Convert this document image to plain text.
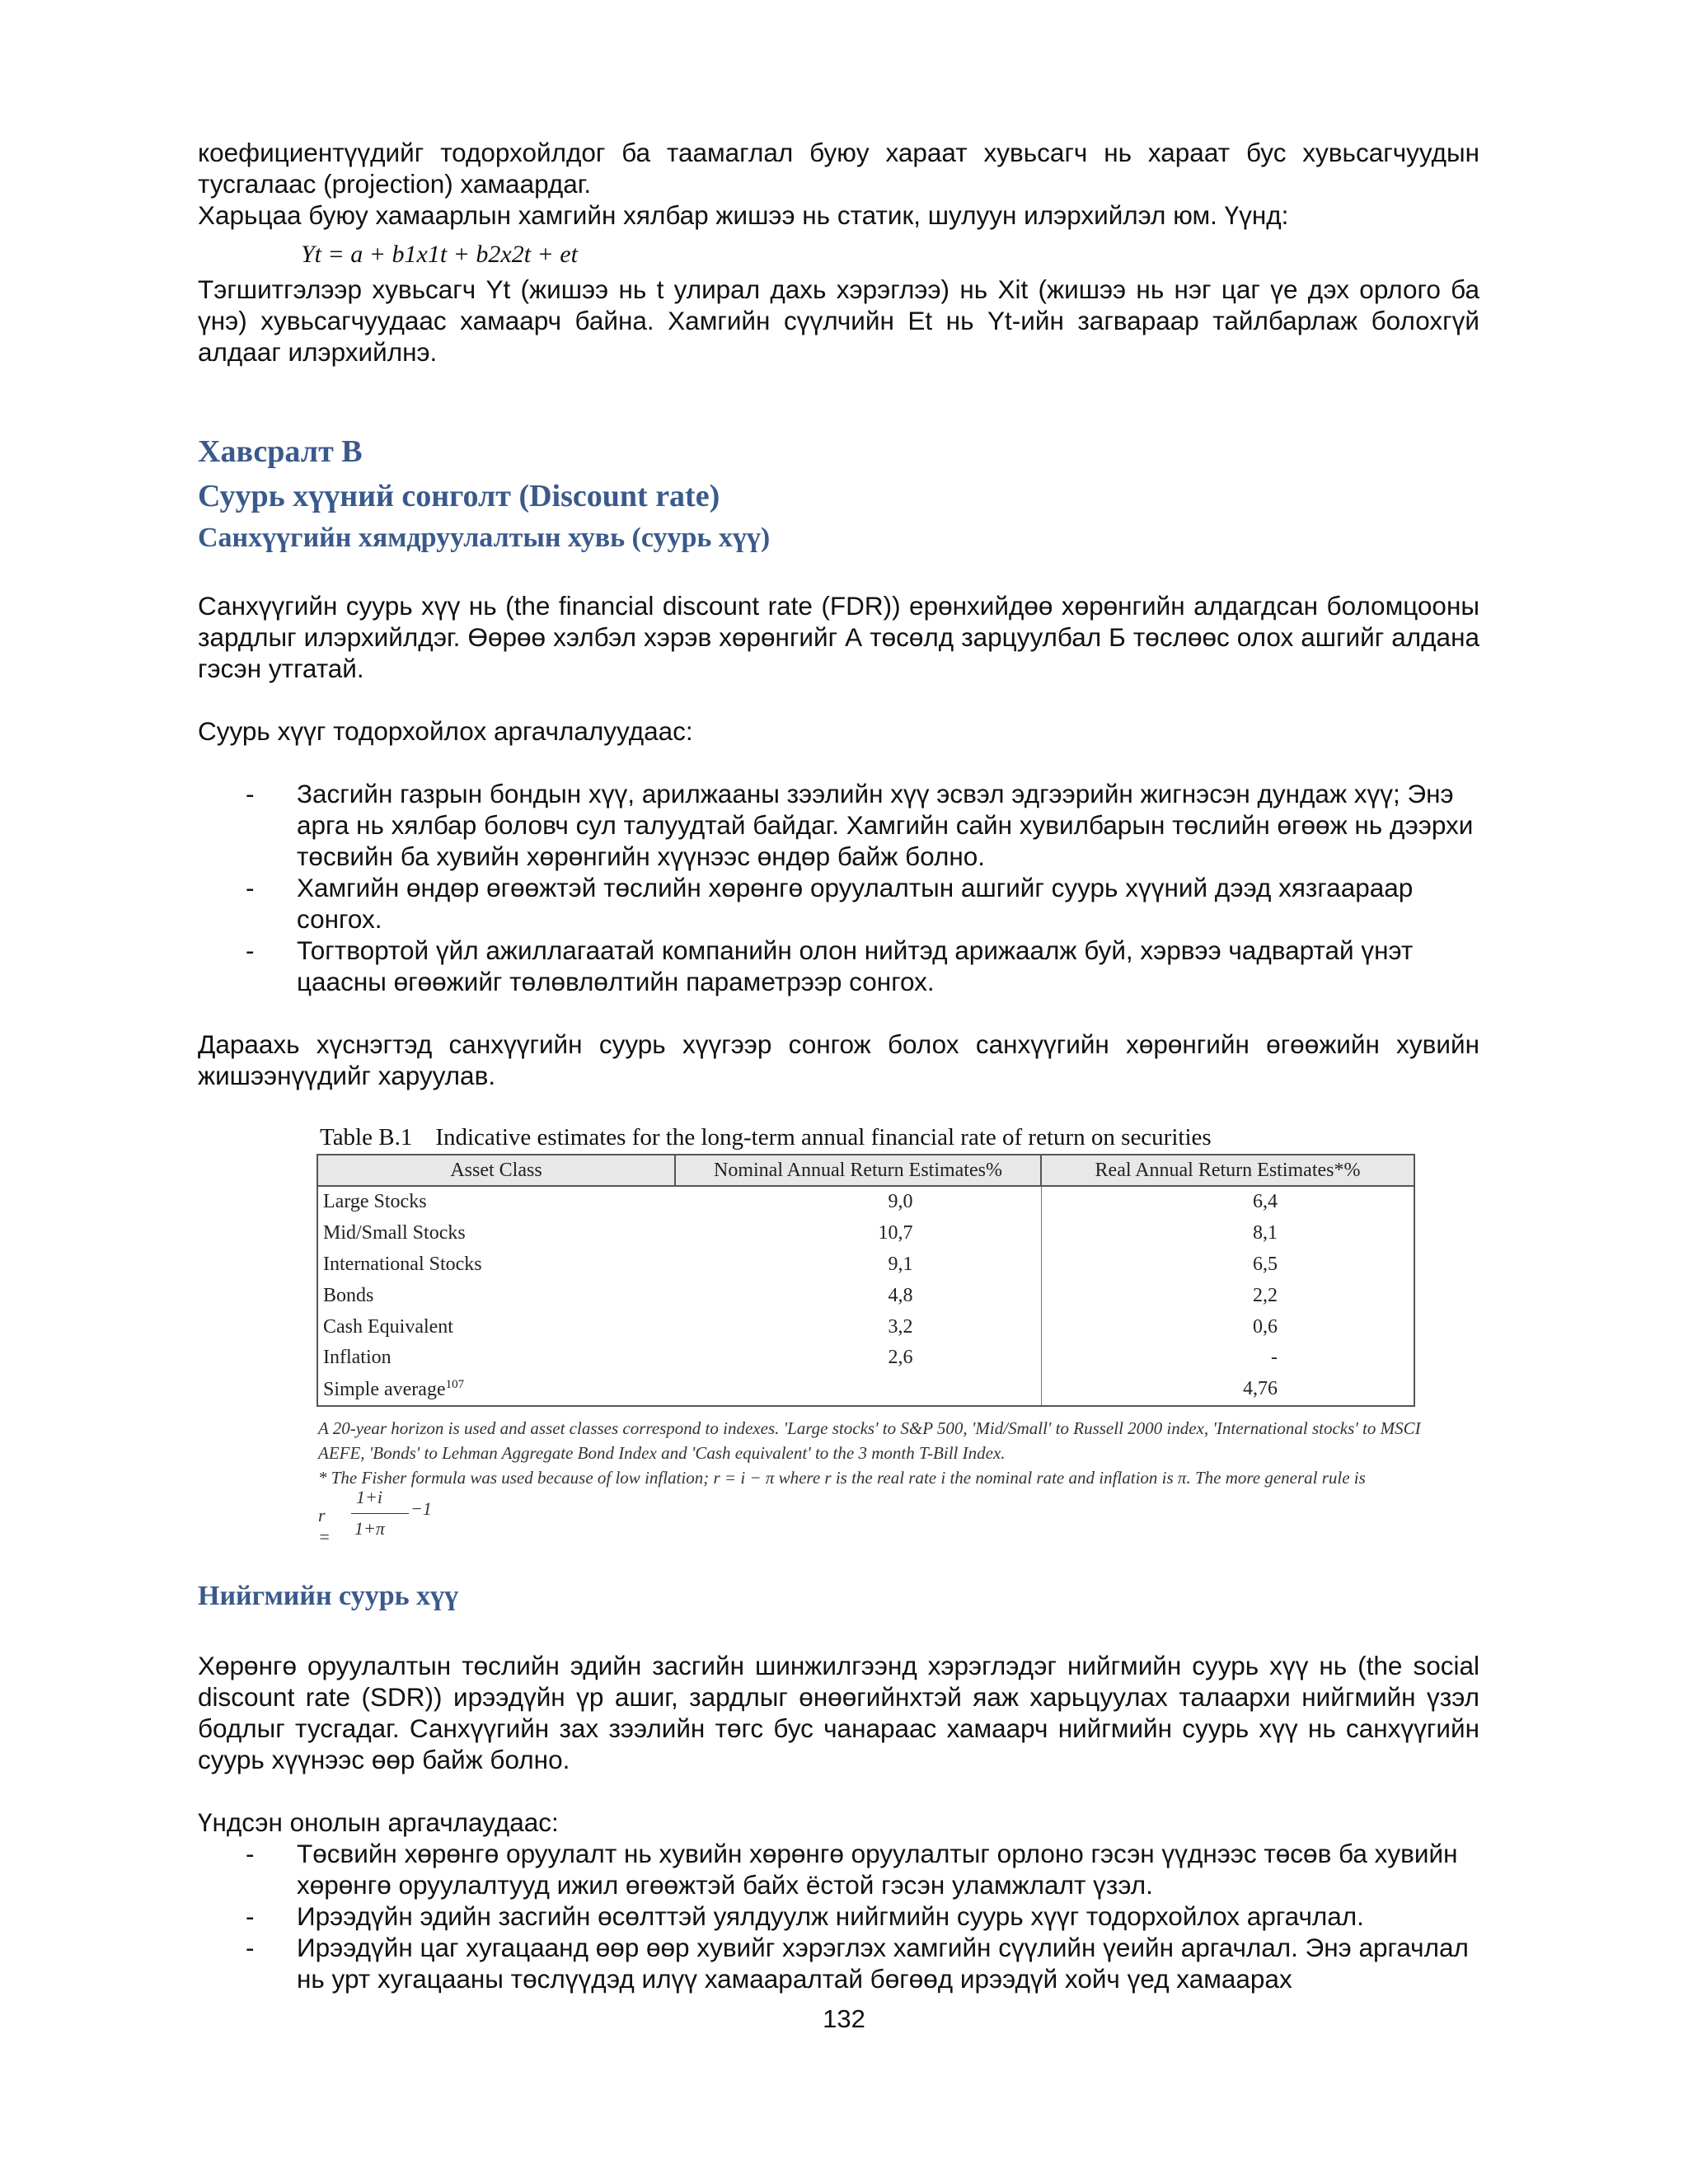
коефициентүүдийг тодорхойлдог ба таамаглал буюу хараат хувьсагч нь хараат бус хувьсагчуудын
тусгалаас (projection) хамаардаг.
Харьцаа буюу хамаарлын хамгийн хялбар жишээ нь статик, шулуун илэрхийлэл юм. Үүнд:

Yt = a + b1x1t + b2x2t + et

Тэгшитгэлээр хувьсагч Yt (жишээ нь t улирал дахь хэрэглээ) нь Xit (жишээ нь нэг цаг үе дэх орлого ба үнэ) хувьсагчуудаас хамаарч байна. Хамгийн сүүлчийн Et нь Yt-ийн загвараар тайлбарлаж болохгүй алдааг илэрхийлнэ.

Хавсралт B
Суурь хүүний сонголт (Discount rate)
Санхүүгийн хямдруулалтын хувь (суурь хүү)

Санхүүгийн суурь хүү нь (the financial discount rate (FDR)) ерөнхийдөө хөрөнгийн алдагдсан боломцооны зардлыг илэрхийлдэг. Өөрөө хэлбэл хэрэв хөрөнгийг А төсөлд зарцуулбал Б төслөөс олох ашгийг алдана гэсэн утгатай.

Суурь хүүг тодорхойлох аргачлалуудаас:

- Засгийн газрын бондын хүү, арилжааны зээлийн хүү эсвэл эдгээрийн жигнэсэн дундаж хүү; Энэ арга нь хялбар боловч сул талуудтай байдаг. Хамгийн сайн хувилбарын төслийн өгөөж нь дээрхи төсвийн ба хувийн хөрөнгийн хүүнээс өндөр байж болно.
- Хамгийн өндөр өгөөжтэй төслийн хөрөнгө оруулалтын ашгийг суурь хүүний дээд хязгаараар сонгох.
- Тогтвортой үйл ажиллагаатай компанийн олон нийтэд арижаалж буй, хэрвээ чадвартай үнэт цаасны өгөөжийг төлөвлөлтийн параметрээр сонгох.

Дараахь хүснэгтэд санхүүгийн суурь хүүгээр сонгож болох санхүүгийн хөрөнгийн өгөөжийн хувийн жишээнүүдийг харуулав.

Table B.1 Indicative estimates for the long-term annual financial rate of return on securities
Asset Class	Nominal Annual Return Estimates%	Real Annual Return Estimates*%
Large Stocks	9,0	6,4
Mid/Small Stocks	10,7	8,1
International Stocks	9,1	6,5
Bonds	4,8	2,2
Cash Equivalent	3,2	0,6
Inflation	2,6	-
Simple average$^{107}$		4,76
A 20-year horizon is used and asset classes correspond to indexes. 'Large stocks' to S&P 500, 'Mid/Small' to Russell 2000 index, 'International stocks' to MSCI AEFE, 'Bonds' to Lehman Aggregate Bond Index and 'Cash equivalent' to the 3 month T-Bill Index.
* The Fisher formula was used because of low inflation; r = i − π where r is the real rate i the nominal rate and inflation is π. The more general rule is
r =
1+i
1+π
−1
Нийгмийн суурь хүү

Хөрөнгө оруулалтын төслийн эдийн засгийн шинжилгээнд хэрэглэдэг нийгмийн суурь хүү нь (the social discount rate (SDR)) ирээдүйн үр ашиг, зардлыг өнөөгийнхтэй яаж харьцуулах талаархи нийгмийн үзэл бодлыг тусгадаг. Санхүүгийн зах зээлийн төгс бус чанараас хамаарч нийгмийн суурь хүү нь санхүүгийн суурь хүүнээс өөр байж болно.

Үндсэн онолын аргачлаудаас:

- Төсвийн хөрөнгө оруулалт нь хувийн хөрөнгө оруулалтыг орлоно гэсэн үүднээс төсөв ба хувийн хөрөнгө оруулалтууд ижил өгөөжтэй байх ёстой гэсэн уламжлалт үзэл.
- Ирээдүйн эдийн засгийн өсөлттэй уялдуулж нийгмийн суурь хүүг тодорхойлох аргачлал.
- Ирээдүйн цаг хугацаанд өөр өөр хувийг хэрэглэх хамгийн сүүлийн үеийн аргачлал. Энэ аргачлал нь урт хугацааны төслүүдэд илүү хамааралтай бөгөөд ирээдүй хойч үед хамаарах
132
